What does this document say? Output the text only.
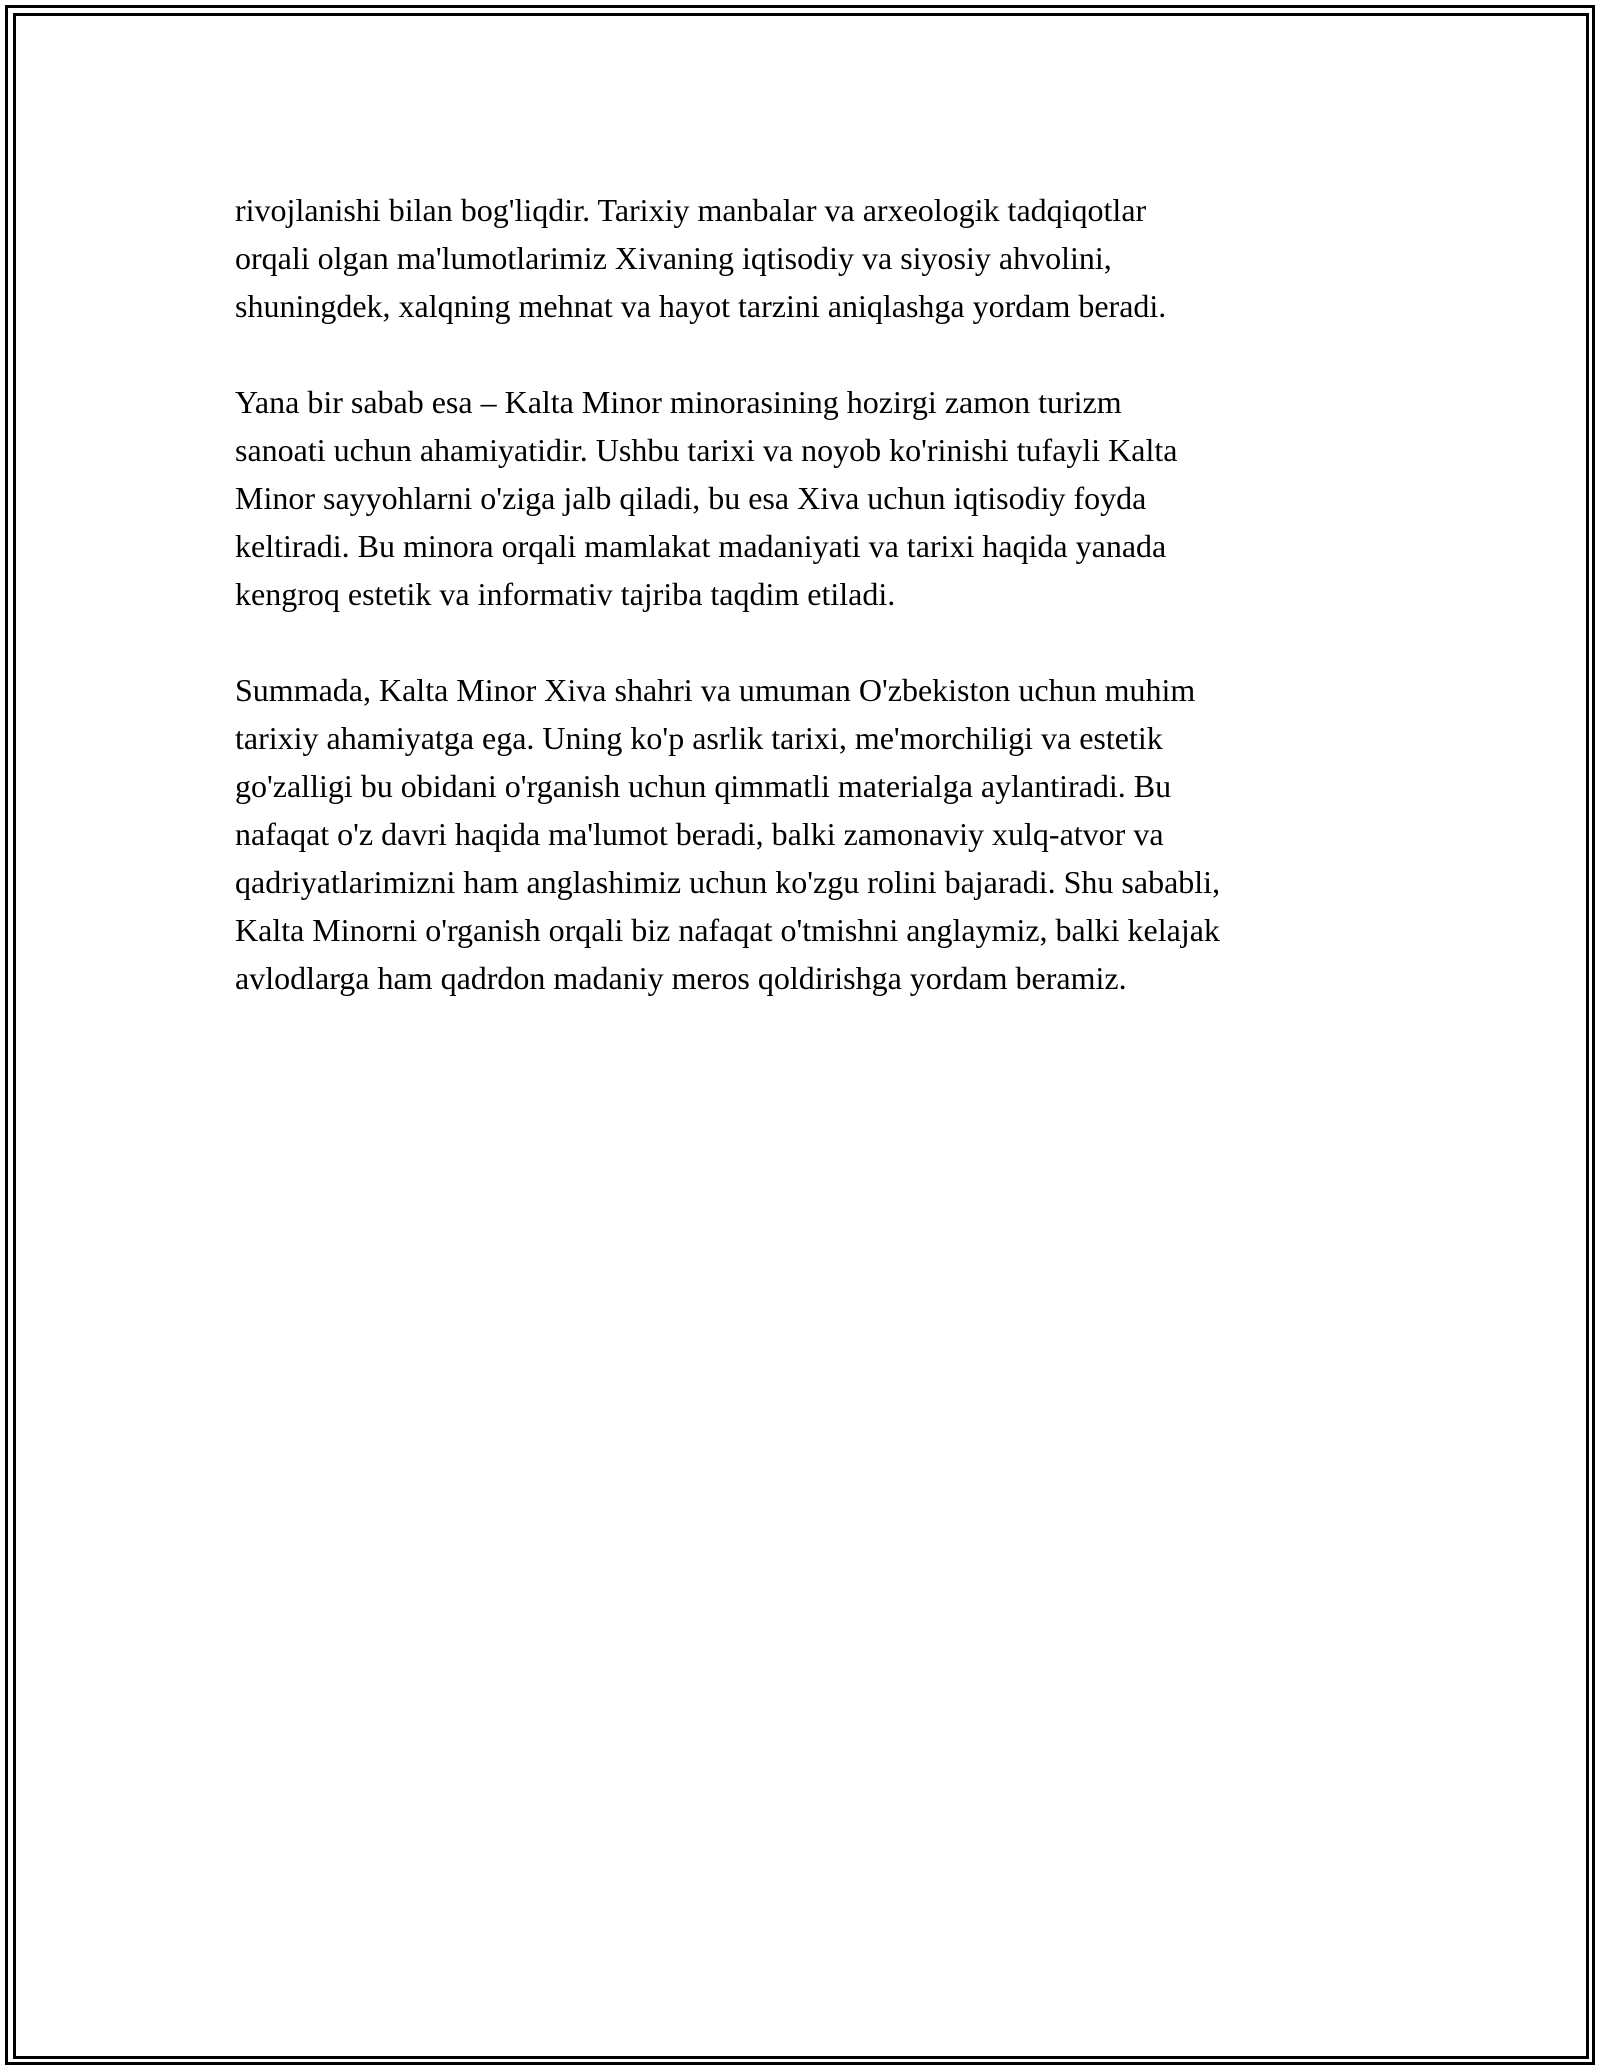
rivojlanishi bilan bog'liqdir. Tarixiy manbalar va arxeologik tadqiqotlar
orqali olgan ma'lumotlarimiz Xivaning iqtisodiy va siyosiy ahvolini,
shuningdek, xalqning mehnat va hayot tarzini aniqlashga yordam beradi.

Yana bir sabab esa – Kalta Minor minorasining hozirgi zamon turizm
sanoati uchun ahamiyatidir. Ushbu tarixi va noyob ko'rinishi tufayli Kalta
Minor sayyohlarni o'ziga jalb qiladi, bu esa Xiva uchun iqtisodiy foyda
keltiradi. Bu minora orqali mamlakat madaniyati va tarixi haqida yanada
kengroq estetik va informativ tajriba taqdim etiladi.

Summada, Kalta Minor Xiva shahri va umuman O'zbekiston uchun muhim
tarixiy ahamiyatga ega. Uning ko'p asrlik tarixi, me'morchiligi va estetik
go'zalligi bu obidani o'rganish uchun qimmatli materialga aylantiradi. Bu
nafaqat o'z davri haqida ma'lumot beradi, balki zamonaviy xulq-atvor va
qadriyatlarimizni ham anglashimiz uchun ko'zgu rolini bajaradi. Shu sababli,
Kalta Minorni o'rganish orqali biz nafaqat o'tmishni anglaymiz, balki kelajak
avlodlarga ham qadrdon madaniy meros qoldirishga yordam beramiz.
